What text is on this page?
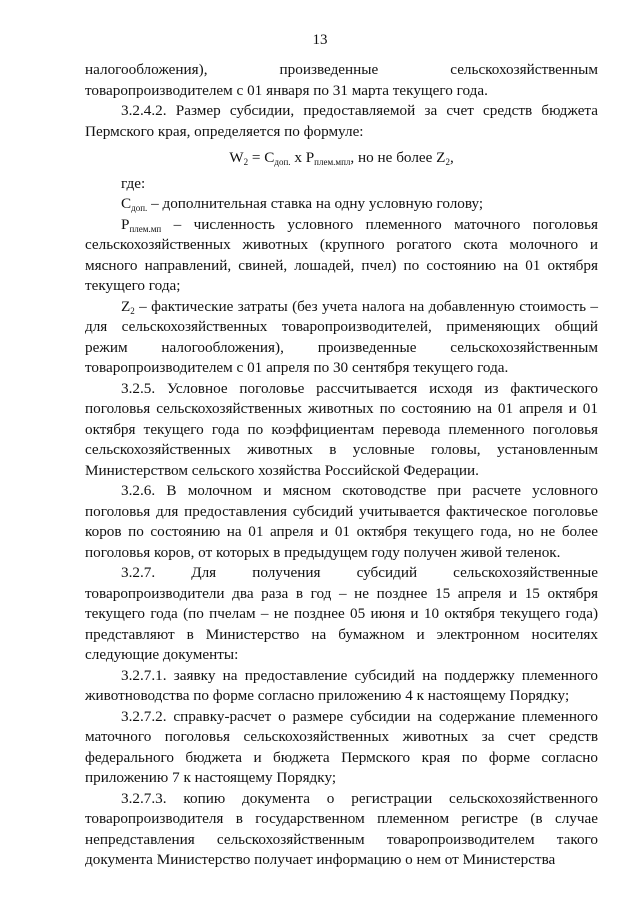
13

налогообложения), произведенные сельскохозяйственным товаропроизводителем с 01 января по 31 марта текущего года.

3.2.4.2. Размер субсидии, предоставляемой за счет средств бюджета Пермского края, определяется по формуле:

$W_2 = C_{доп.}$ x $P_{плем.мпл}$, но не более $Z_2$,

где:

$C_{доп.}$ – дополнительная ставка на одну условную голову;

$P_{плем.мп}$ – численность условного племенного маточного поголовья сельскохозяйственных животных (крупного рогатого скота молочного и мясного направлений, свиней, лошадей, пчел) по состоянию на 01 октября текущего года;

$Z_2$ – фактические затраты (без учета налога на добавленную стоимость – для сельскохозяйственных товаропроизводителей, применяющих общий режим налогообложения), произведенные сельскохозяйственным товаропроизводителем с 01 апреля по 30 сентября текущего года.

3.2.5. Условное поголовье рассчитывается исходя из фактического поголовья сельскохозяйственных животных по состоянию на 01 апреля и 01 октября текущего года по коэффициентам перевода племенного поголовья сельскохозяйственных животных в условные головы, установленным Министерством сельского хозяйства Российской Федерации.

3.2.6. В молочном и мясном скотоводстве при расчете условного поголовья для предоставления субсидий учитывается фактическое поголовье коров по состоянию на 01 апреля и 01 октября текущего года, но не более поголовья коров, от которых в предыдущем году получен живой теленок.

3.2.7. Для получения субсидий сельскохозяйственные товаропроизводители два раза в год – не позднее 15 апреля и 15 октября текущего года (по пчелам – не позднее 05 июня и 10 октября текущего года) представляют в Министерство на бумажном и электронном носителях следующие документы:

3.2.7.1. заявку на предоставление субсидий на поддержку племенного животноводства по форме согласно приложению 4 к настоящему Порядку;

3.2.7.2. справку-расчет о размере субсидии на содержание племенного маточного поголовья сельскохозяйственных животных за счет средств федерального бюджета и бюджета Пермского края по форме согласно приложению 7 к настоящему Порядку;

3.2.7.3. копию документа о регистрации сельскохозяйственного товаропроизводителя в государственном племенном регистре (в случае непредставления сельскохозяйственным товаропроизводителем такого документа Министерство получает информацию о нем от Министерства
